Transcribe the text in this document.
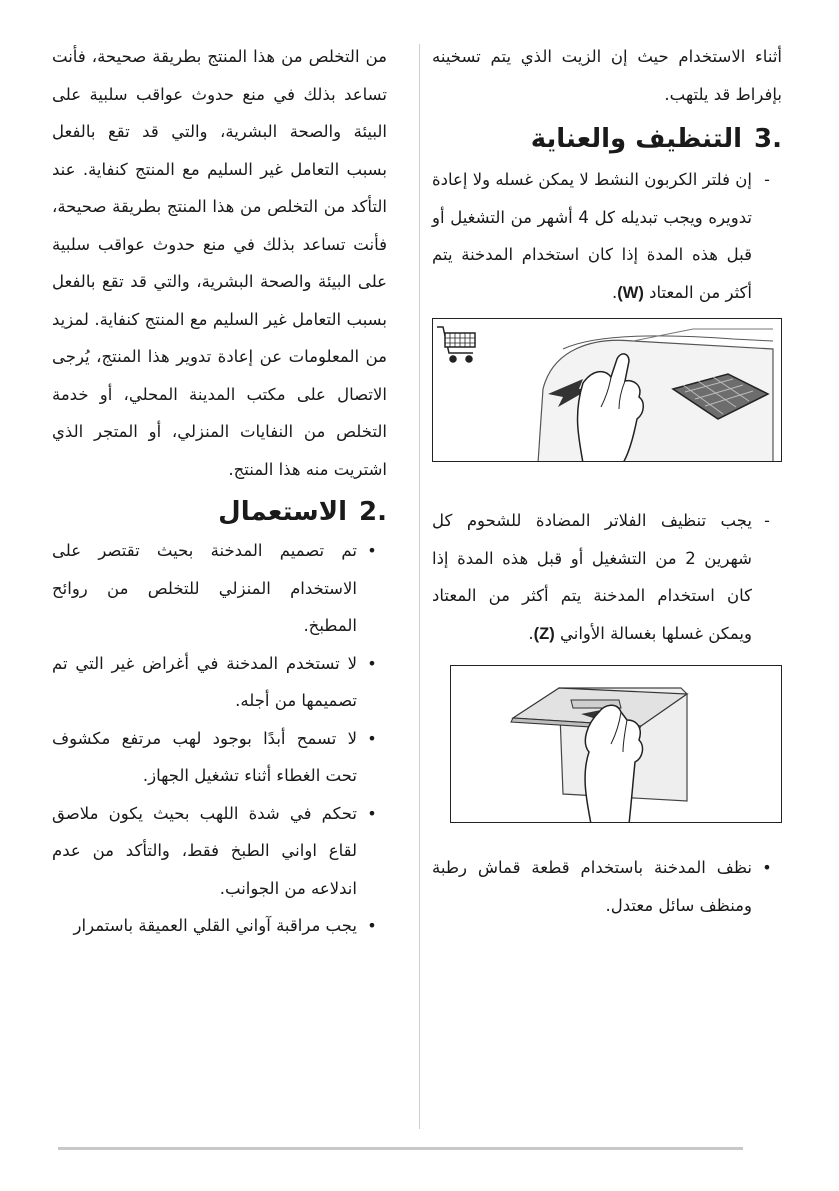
أثناء الاستخدام حيث إن الزيت الذي يتم تسخينه بإفراط قد يلتهب.

3.
التنظيف والعناية
-
إن فلتر الكربون النشط لا يمكن غسله ولا إعادة تدويره ويجب تبديله كل 4 أشهر من التشغيل أو قبل هذه المدة إذا كان استخدام المدخنة يتم أكثر من المعتاد (W).
-
يجب تنظيف الفلاتر المضادة للشحوم كل شهرين 2 من التشغيل أو قبل هذه المدة إذا كان استخدام المدخنة يتم أكثر من المعتاد ويمكن غسلها بغسالة الأواني (Z).
•
نظف المدخنة باستخدام قطعة قماش رطبة ومنظف سائل معتدل.

من التخلص من هذا المنتج بطريقة صحيحة، فأنت تساعد بذلك في منع حدوث عواقب سلبية على البيئة والصحة البشرية، والتي قد تقع بالفعل بسبب التعامل غير السليم مع المنتج كنفاية. عند التأكد من التخلص من هذا المنتج بطريقة صحيحة، فأنت تساعد بذلك في منع حدوث عواقب سلبية على البيئة والصحة البشرية، والتي قد تقع بالفعل بسبب التعامل غير السليم مع المنتج كنفاية. لمزيد من المعلومات عن إعادة تدوير هذا المنتج، يُرجى الاتصال على مكتب المدينة المحلي، أو خدمة التخلص من النفايات المنزلي، أو المتجر الذي اشتريت منه هذا المنتج.

2.
الاستعمال
•
تم تصميم المدخنة بحيث تقتصر على الاستخدام المنزلي للتخلص من روائح المطبخ.
•
لا تستخدم المدخنة في أغراض غير التي تم تصميمها من أجله.
•
لا تسمح أبدًا بوجود لهب مرتفع مكشوف تحت الغطاء أثناء تشغيل الجهاز.
•
تحكم في شدة اللهب بحيث يكون ملاصق لقاع اواني الطبخ فقط، والتأكد من عدم اندلاعه من الجوانب.
•
يجب مراقبة آواني القلي العميقة باستمرار
